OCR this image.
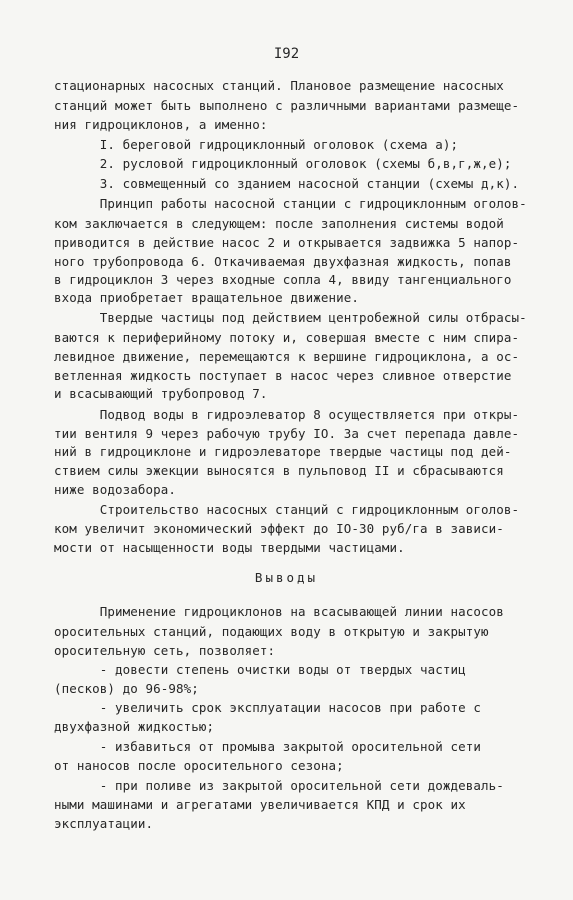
I92
стационарных насосных станций. Плановое размещение насосных
станций может быть выполнено с различными вариантами размеще-
ния гидроциклонов, а именно:
I. береговой гидроциклонный оголовок (схема а);
2. русловой гидроциклонный оголовок (схемы б,в,г,ж,е);
3. совмещенный со зданием насосной станции (схемы д,к).
Принцип работы насосной станции с гидроциклонным оголов-
ком заключается в следующем: после заполнения системы водой
приводится в действие насос 2 и открывается задвижка 5 напор-
ного трубопровода 6. Откачиваемая двухфазная жидкость, попав
в гидроциклон 3 через входные сопла 4, ввиду тангенциального
входа приобретает вращательное движение.
Твердые частицы под действием центробежной силы отбрасы-
ваются к периферийному потоку и, совершая вместе с ним спира-
левидное движение, перемещаются к вершине гидроциклона, а ос-
ветленная жидкость поступает в насос через сливное отверстие
и всасывающий трубопровод 7.
Подвод воды в гидроэлеватор 8 осуществляется при откры-
тии вентиля 9 через рабочую трубу IO. За счет перепада давле-
ний в гидроциклоне и гидроэлеваторе твердые частицы под дей-
ствием силы эжекции выносятся в пульповод II и сбрасываются
ниже водозабора.
Строительство насосных станций с гидроциклонным оголов-
ком увеличит экономический эффект до IO-30 руб/га в зависи-
мости от насыщенности воды твердыми частицами.
Выводы
Применение гидроциклонов на всасывающей линии насосов
оросительных станций, подающих воду в открытую и закрытую
оросительную сеть, позволяет:
- довести степень очистки воды от твердых частиц
(песков) до 96-98%;
- увеличить срок эксплуатации насосов при работе с
двухфазной жидкостью;
- избавиться от промыва закрытой оросительной сети
от наносов после оросительного сезона;
- при поливе из закрытой оросительной сети дождеваль-
ными машинами и агрегатами увеличивается КПД и срок их
эксплуатации.
